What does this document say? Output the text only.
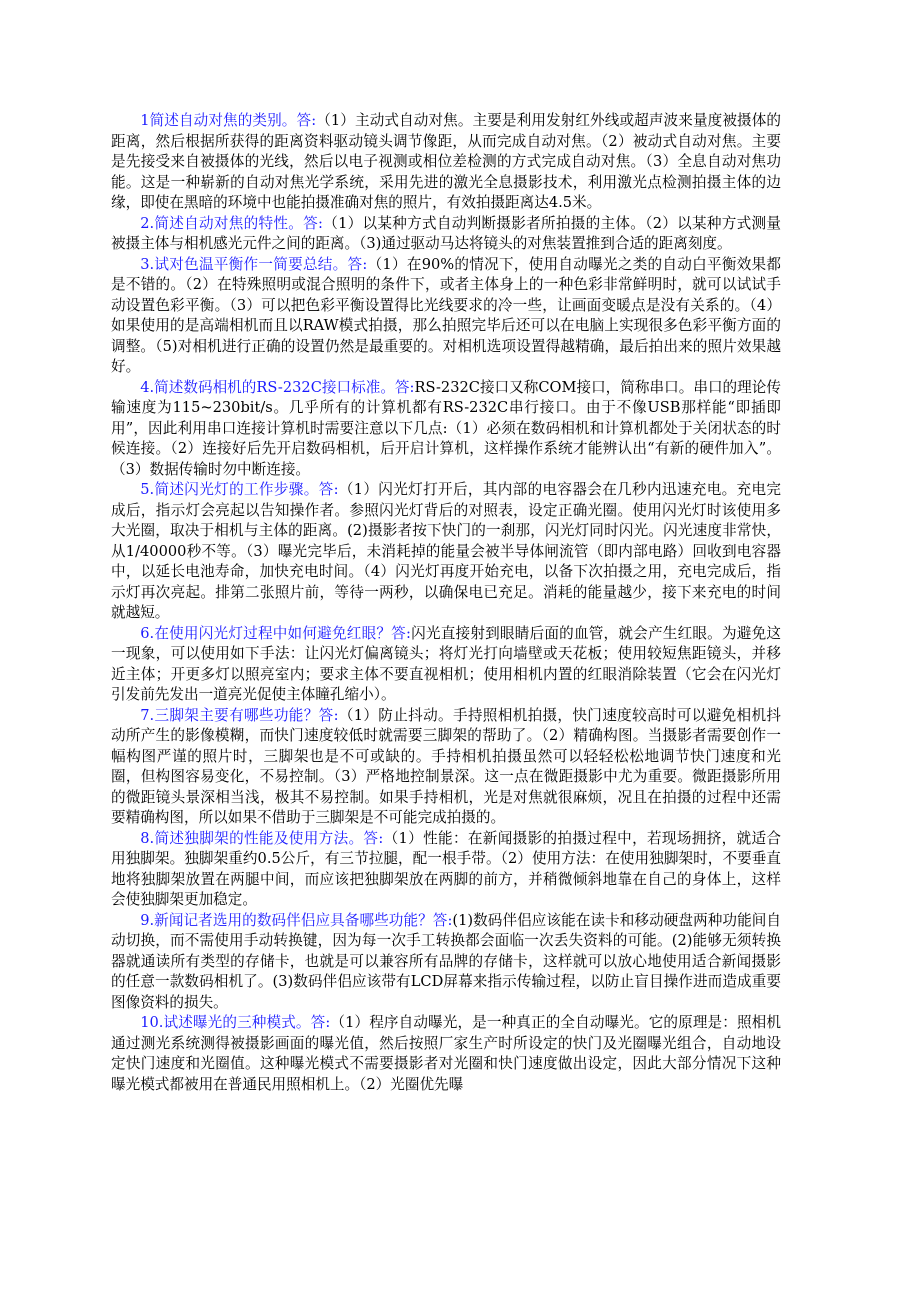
1简述自动对焦的类别。答:（1）主动式自动对焦。主要是利用发射红外线或超声波来量度被摄体的距离，然后根据所获得的距离资料驱动镜头调节像距，从而完成自动对焦。（2）被动式自动对焦。主要是先接受来自被摄体的光线，然后以电子视测或相位差检测的方式完成自动对焦。（3）全息自动对焦功能。这是一种崭新的自动对焦光学系统，采用先进的激光全息摄影技术，利用激光点检测拍摄主体的边缘，即使在黑暗的环境中也能拍摄准确对焦的照片，有效拍摄距离达4.5米。

2.简述自动对焦的特性。答:（1）以某种方式自动判断摄影者所拍摄的主体。（2）以某种方式测量被摄主体与相机感光元件之间的距离。（3)通过驱动马达将镜头的对焦装置推到合适的距离刻度。

3.试对色温平衡作一简要总结。答:（1）在90%的情况下，使用自动曝光之类的自动白平衡效果都是不错的。（2）在特殊照明或混合照明的条件下，或者主体身上的一种色彩非常鲜明时，就可以试试手动设置色彩平衡。（3）可以把色彩平衡设置得比光线要求的冷一些，让画面变暖点是没有关系的。（4）如果使用的是高端相机而且以RAW模式拍摄，那么拍照完毕后还可以在电脑上实现很多色彩平衡方面的调整。（5)对相机进行正确的设置仍然是最重要的。对相机选项设置得越精确，最后拍出来的照片效果越好。

4.简述数码相机的RS-232C接口标准。答:RS-232C接口又称COM接口，简称串口。串口的理论传输速度为115~230bit/s。几乎所有的计算机都有RS-232C串行接口。由于不像USB那样能“即插即用”，因此利用串口连接计算机时需要注意以下几点:（1）必须在数码相机和计算机都处于关闭状态的时候连接。（2）连接好后先开启数码相机，后开启计算机，这样操作系统才能辨认出“有新的硬件加入”。（3）数据传输时勿中断连接。

5.简述闪光灯的工作步骤。答:（1）闪光灯打开后，其内部的电容器会在几秒内迅速充电。充电完成后，指示灯会亮起以告知操作者。参照闪光灯背后的对照表，设定正确光圈。使用闪光灯时该使用多大光圈，取决于相机与主体的距离。(2)摄影者按下快门的一刹那，闪光灯同时闪光。闪光速度非常快，从1/40000秒不等。（3）曝光完毕后，未消耗掉的能量会被半导体闸流管（即内部电路）回收到电容器中，以延长电池寿命，加快充电时间。（4）闪光灯再度开始充电，以备下次拍摄之用，充电完成后，指示灯再次亮起。排第二张照片前，等待一两秒，以确保电已充足。消耗的能量越少，接下来充电的时间就越短。

6.在使用闪光灯过程中如何避免红眼？答:闪光直接射到眼睛后面的血管，就会产生红眼。为避免这一现象，可以使用如下手法：让闪光灯偏离镜头；将灯光打向墙壁或天花板；使用较短焦距镜头，并移近主体；开更多灯以照亮室内；要求主体不要直视相机；使用相机内置的红眼消除装置（它会在闪光灯引发前先发出一道亮光促使主体瞳孔缩小）。

7.三脚架主要有哪些功能？答:（1）防止抖动。手持照相机拍摄，快门速度较高时可以避免相机抖动所产生的影像模糊，而快门速度较低时就需要三脚架的帮助了。（2）精确构图。当摄影者需要创作一幅构图严谨的照片时，三脚架也是不可或缺的。手持相机拍摄虽然可以轻轻松松地调节快门速度和光圈，但构图容易变化，不易控制。（3）严格地控制景深。这一点在微距摄影中尤为重要。微距摄影所用的微距镜头景深相当浅，极其不易控制。如果手持相机，光是对焦就很麻烦，况且在拍摄的过程中还需要精确构图，所以如果不借助于三脚架是不可能完成拍摄的。

8.简述独脚架的性能及使用方法。答:（1）性能：在新闻摄影的拍摄过程中，若现场拥挤，就适合用独脚架。独脚架重约0.5公斤，有三节拉腿，配一根手带。（2）使用方法：在使用独脚架时，不要垂直地将独脚架放置在两腿中间，而应该把独脚架放在两脚的前方，并稍微倾斜地靠在自己的身体上，这样会使独脚架更加稳定。

9.新闻记者选用的数码伴侣应具备哪些功能？答:(1)数码伴侣应该能在读卡和移动硬盘两种功能间自动切换，而不需使用手动转换键，因为每一次手工转换都会面临一次丢失资料的可能。(2)能够无须转换器就通读所有类型的存储卡，也就是可以兼容所有品牌的存储卡，这样就可以放心地使用适合新闻摄影的任意一款数码相机了。(3)数码伴侣应该带有LCD屏幕来指示传输过程，以防止盲目操作进而造成重要图像资料的损失。

10.试述曝光的三种模式。答:（1）程序自动曝光，是一种真正的全自动曝光。它的原理是：照相机通过测光系统测得被摄影画面的曝光值，然后按照厂家生产时所设定的快门及光圈曝光组合，自动地设定快门速度和光圈值。这种曝光模式不需要摄影者对光圈和快门速度做出设定，因此大部分情况下这种曝光模式都被用在普通民用照相机上。（2）光圈优先曝
